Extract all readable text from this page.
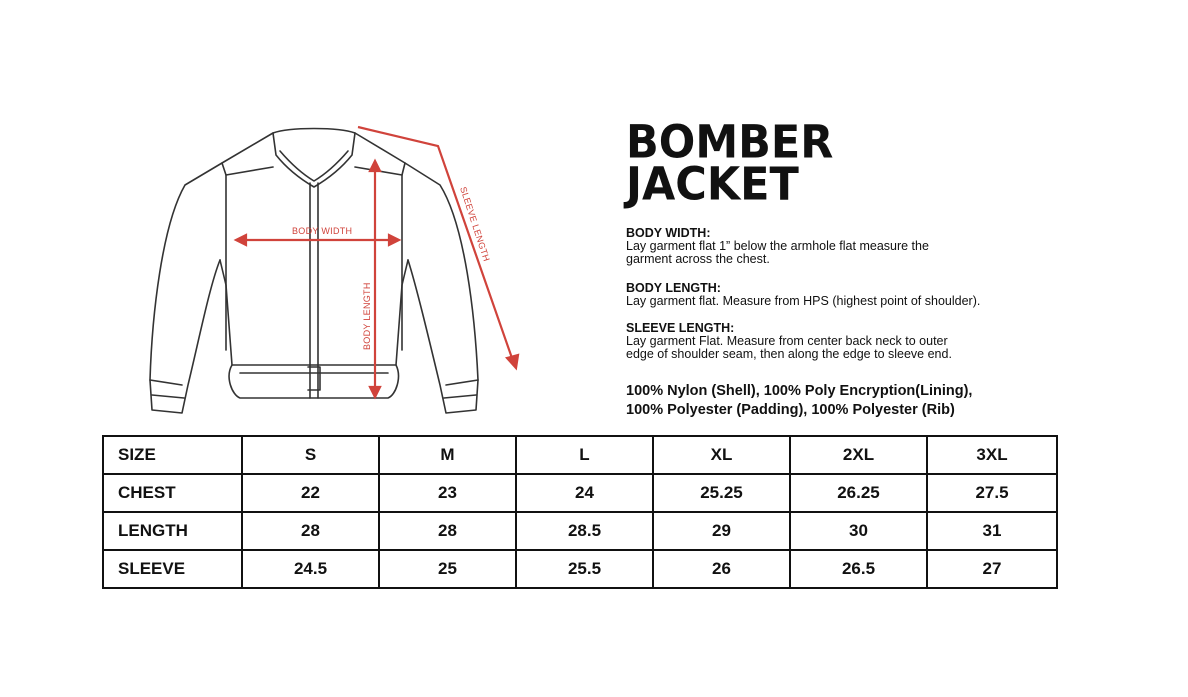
BODY WIDTH
BODY LENGTH
SLEEVE LENGTH
BOMBER
JACKET
BODY WIDTH:
Lay garment flat 1” below the armhole flat measure the
garment across the chest.
BODY LENGTH:
Lay garment flat. Measure from HPS (highest point of shoulder).
SLEEVE LENGTH:
Lay garment Flat. Measure from center back neck to outer
edge of shoulder seam, then along the edge to sleeve end.
100% Nylon (Shell), 100% Poly Encryption(Lining),
100% Polyester (Padding), 100% Polyester (Rib)
SIZE	S	M	L	XL	2XL	3XL
CHEST	22	23	24	25.25	26.25	27.5
LENGTH	28	28	28.5	29	30	31
SLEEVE	24.5	25	25.5	26	26.5	27
